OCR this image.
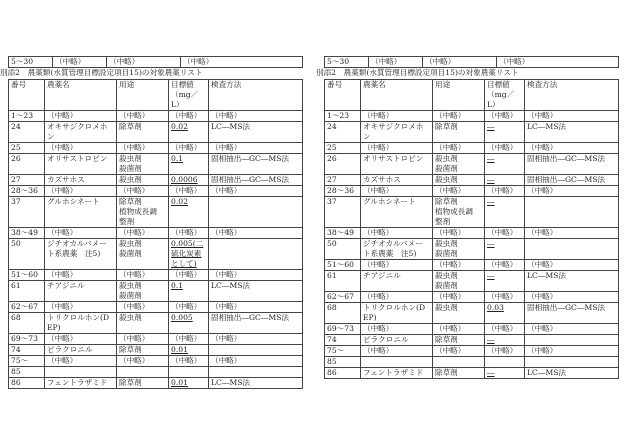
5～30	（中略）	（中略）	（中略）
別添2　農薬類(水質管理目標設定項目15)の対象農薬リスト
番号	農薬名	用途	目標値
（mg／L）	検査方法
1～23	（中略）	（中略）	（中略）	（中略）
24	オキサジクロメホ
ン	除草剤	0.02	LC―MS法
25	（中略）	（中略）	（中略）	（中略）
26	オリサストロビン	殺虫剤
殺菌剤	0.1	固相抽出―GC―MS法
27	カズサホス	殺虫剤	0.0006	固相抽出―GC―MS法
28～36	（中略）	（中略）	（中略）	（中略）
37	グルホシネート	除草剤
植物成長調
整剤	0.02	
38～49	（中略）	（中略）	（中略）	（中略）
50	ジチオカルバメー
ト系農薬　注5)	殺虫剤
殺菌剤	0.005(二
硫化炭素
として)	
51～60	（中略）	（中略）	（中略）	（中略）
61	チアジニル	殺虫剤
殺菌剤	0.1	LC―MS法
62～67	（中略）	（中略）	（中略）	（中略）
68	トリクロルホン(D
EP)	殺虫剤	0.005	固相抽出―GC―MS法
69～73	（中略）	（中略）	（中略）	（中略）
74	ピラクロニル	除草剤	0.01	
75～	（中略）	（中略）	（中略）	（中略）
85				
86	フェントラザミド	除草剤	0.01	LC―MS法
5～30	（中略）	（中略）	（中略）
別添2　農薬類(水質管理目標設定項目15)の対象農薬リスト
番号	農薬名	用途	目標値
（mg／L）	検査方法
1～23	（中略）	（中略）	（中略）	（中略）
24	オキサジクロメホ
ン	除草剤	―	LC―MS法
25	（中略）	（中略）	（中略）	（中略）
26	オリサストロビン	殺虫剤
殺菌剤	―	固相抽出―GC―MS法
27	カズサホス	殺虫剤	―	固相抽出―GC―MS法
28～36	（中略）	（中略）	（中略）	（中略）
37	グルホシネート	除草剤
植物成長調
整剤	―	
38～49	（中略）	（中略）	（中略）	（中略）
50	ジチオカルバメー
ト系農薬　注5)	殺虫剤
殺菌剤	―	
51～60	（中略）	（中略）	（中略）	（中略）
61	チアジニル	殺虫剤
殺菌剤	―	LC―MS法
62～67	（中略）	（中略）	（中略）	（中略）
68	トリクロルホン(D
EP)	殺虫剤	0.03	固相抽出―GC―MS法
69～73	（中略）	（中略）	（中略）	（中略）
74	ピラクロニル	除草剤	―	
75～	（中略）	（中略）	（中略）	（中略）
85				
86	フェントラザミド	除草剤	―	LC―MS法
